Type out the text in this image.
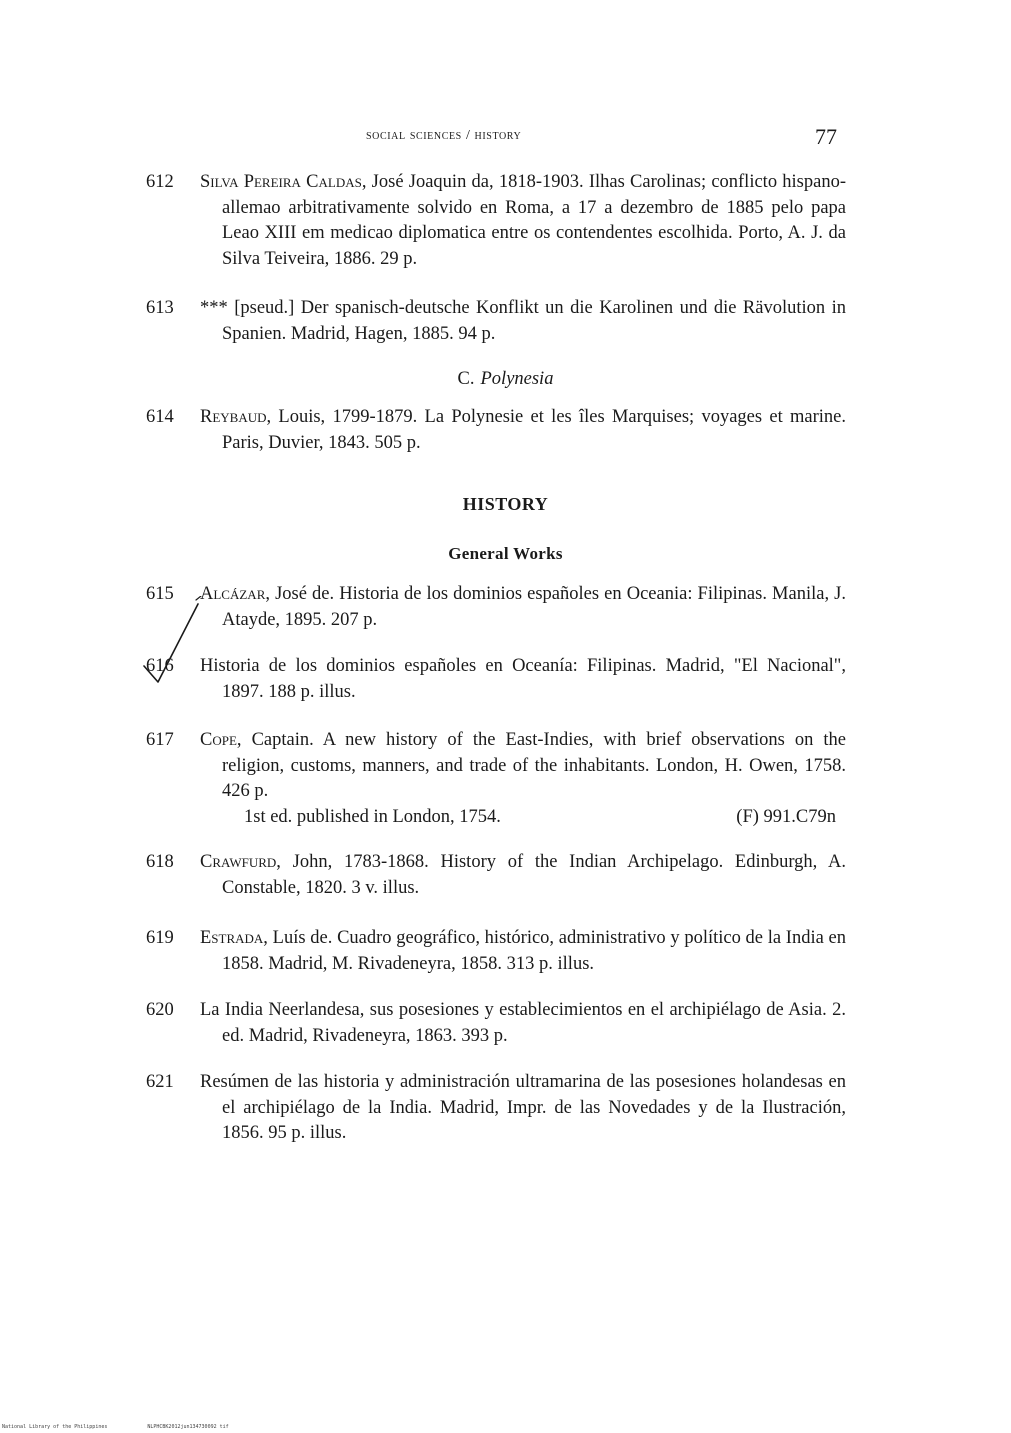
social sciences / history	77
612	Silva Pereira Caldas, José Joaquin da, 1818-1903. Ilhas Carolinas; conflicto hispano-allemao arbitrativamente solvido en Roma, a 17 a dezembro de 1885 pelo papa Leao XIII em medicao diplomatica entre os contendentes escolhida. Porto, A. J. da Silva Teiveira, 1886. 29 p.
613	*** [pseud.] Der spanisch-deutsche Konflikt un die Karolinen und die Rävolution in Spanien. Madrid, Hagen, 1885. 94 p.
C. Polynesia
614	Reybaud, Louis, 1799-1879. La Polynesie et les îles Marquises; voyages et marine. Paris, Duvier, 1843. 505 p.
HISTORY
General Works
615	Alcázar, José de. Historia de los dominios españoles en Oceania: Filipinas. Manila, J. Atayde, 1895. 207 p.
616	Historia de los dominios españoles en Oceanía: Filipinas. Madrid, "El Nacional", 1897. 188 p. illus.
617	Cope, Captain. A new history of the East-Indies, with brief observations on the religion, customs, manners, and trade of the inhabitants. London, H. Owen, 1758. 426 p.
1st ed. published in London, 1754.	(F) 991.C79n
618	Crawfurd, John, 1783-1868. History of the Indian Archipelago. Edinburgh, A. Constable, 1820. 3 v. illus.
619	Estrada, Luís de. Cuadro geográfico, histórico, administrativo y político de la India en 1858. Madrid, M. Rivadeneyra, 1858. 313 p. illus.
620	La India Neerlandesa, sus posesiones y establecimientos en el archipiélago de Asia. 2. ed. Madrid, Rivadeneyra, 1863. 393 p.
621	Resúmen de las historia y administración ultramarina de las posesiones holandesas en el archipiélago de la India. Madrid, Impr. de las Novedades y de la Ilustración, 1856. 95 p. illus.
National Library of the Philippines	NLPHCBK2012jun134730092 tif
